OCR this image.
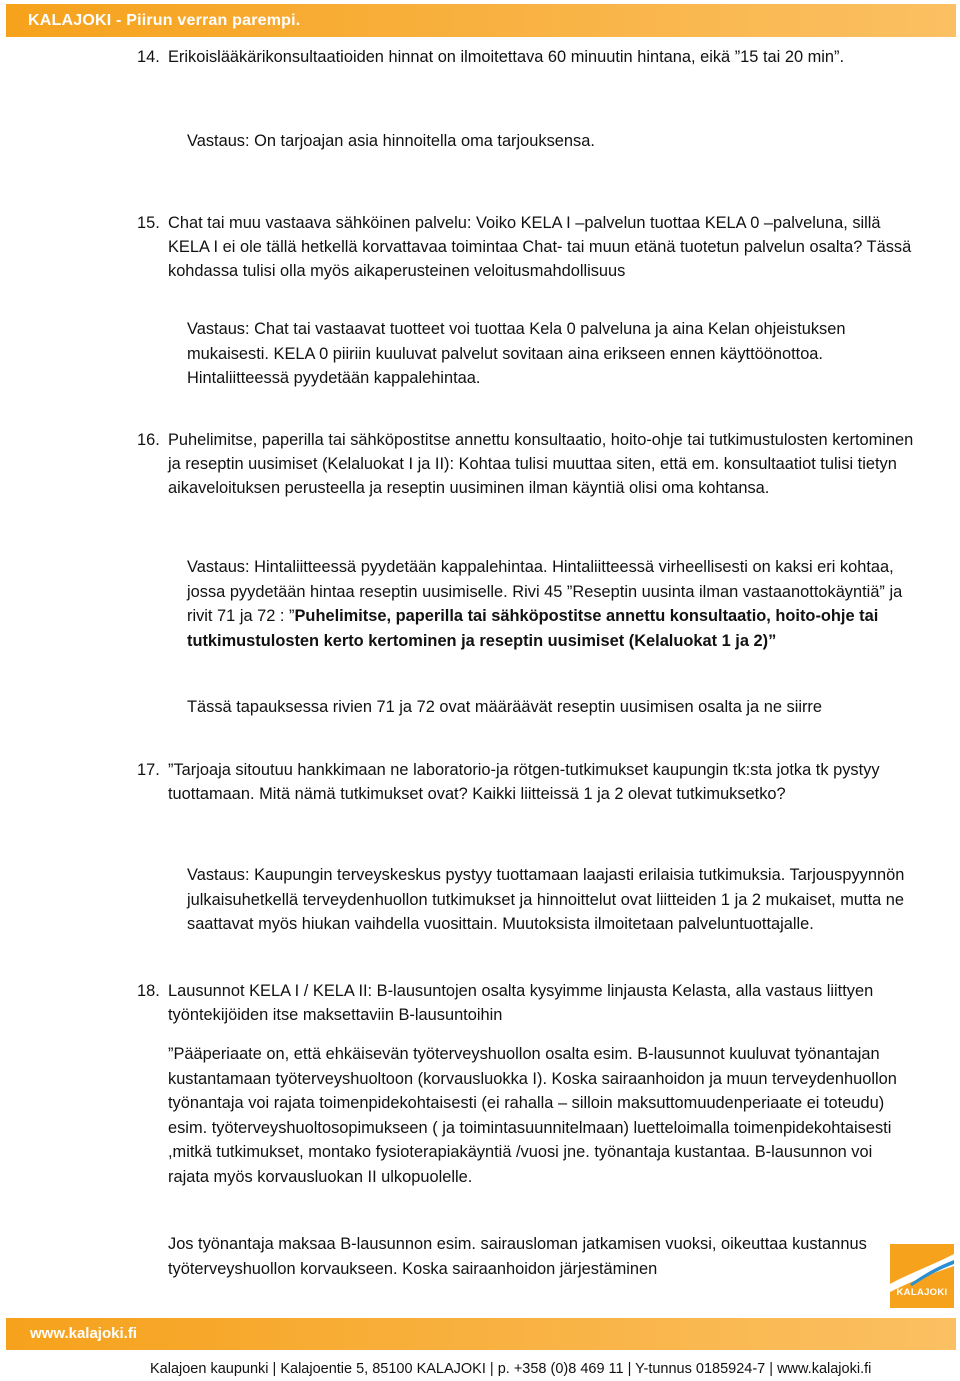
KALAJOKI - Piirun verran parempi.
14. Erikoislääkärikonsultaatioiden hinnat on ilmoitettava 60 minuutin hintana, eikä ”15 tai 20 min”.
Vastaus: On tarjoajan asia hinnoitella oma tarjouksensa.
15. Chat tai muu vastaava sähköinen palvelu: Voiko KELA I –palvelun tuottaa KELA 0 –palveluna, sillä KELA I ei ole tällä hetkellä korvattavaa toimintaa Chat- tai muun etänä tuotetun palvelun osalta? Tässä kohdassa tulisi olla myös aikaperusteinen veloitusmahdollisuus
Vastaus: Chat tai vastaavat tuotteet voi tuottaa Kela 0 palveluna ja aina Kelan ohjeistuksen mukaisesti. KELA 0 piiriin kuuluvat palvelut sovitaan aina erikseen ennen käyttöönottoa. Hintaliitteessä pyydetään kappalehintaa.
16. Puhelimitse, paperilla tai sähköpostitse annettu konsultaatio, hoito-ohje tai tutkimustulosten kertominen ja reseptin uusimiset (Kelaluokat I ja II): Kohtaa tulisi muuttaa siten, että em. konsultaatiot tulisi tietyn aikaveloituksen perusteella ja reseptin uusiminen ilman käyntiä olisi oma kohtansa.
Vastaus: Hintaliitteessä pyydetään kappalehintaa. Hintaliitteessä virheellisesti on kaksi eri kohtaa, jossa pyydetään hintaa reseptin uusimiselle. Rivi 45 ”Reseptin uusinta ilman vastaanottokäyntiä” ja rivit 71 ja 72 : ”Puhelimitse, paperilla tai sähköpostitse annettu konsultaatio, hoito-ohje tai tutkimustulosten kerto kertominen ja reseptin uusimiset (Kelaluokat 1 ja 2)”
Tässä tapauksessa rivien 71 ja 72 ovat määräävät reseptin uusimisen osalta ja ne siirre
17. ”Tarjoaja sitoutuu hankkimaan ne laboratorio-ja rötgen-tutkimukset kaupungin tk:sta jotka tk pystyy tuottamaan. Mitä nämä tutkimukset ovat? Kaikki liitteissä 1 ja 2 olevat tutkimuksetko?
Vastaus: Kaupungin terveyskeskus pystyy tuottamaan laajasti erilaisia tutkimuksia. Tarjouspyynnön julkaisuhetkellä terveydenhuollon tutkimukset ja hinnoittelut ovat liitteiden 1 ja 2 mukaiset, mutta ne saattavat myös hiukan vaihdella vuosittain. Muutoksista ilmoitetaan palveluntuottajalle.
18. Lausunnot KELA I / KELA II: B-lausuntojen osalta kysyimme linjausta Kelasta, alla vastaus liittyen työntekijöiden itse maksettaviin B-lausuntoihin
”Pääperiaate on, että ehkäisevän työterveyshuollon osalta esim. B-lausunnot kuuluvat työnantajan kustantamaan työterveyshuoltoon (korvausluokka I). Koska sairaanhoidon ja muun terveydenhuollon työnantaja voi rajata toimenpidekohtaisesti (ei rahalla – silloin maksuttomuudenperiaate ei toteudu) esim. työterveyshuoltosopimukseen ( ja toimintasuunnitelmaan) luetteloimalla toimenpidekohtaisesti ,mitkä tutkimukset, montako fysioterapiakäyntiä /vuosi jne. työnantaja kustantaa. B-lausunnon voi rajata myös korvausluokan II ulkopuolelle.
Jos työnantaja maksaa B-lausunnon esim. sairausloman jatkamisen vuoksi, oikeuttaa kustannus työterveyshuollon korvaukseen. Koska sairaanhoidon järjestäminen
KALAJOKI
www.kalajoki.fi
Kalajoen kaupunki | Kalajoentie 5, 85100 KALAJOKI | p. +358 (0)8 469 11 | Y-tunnus 0185924-7 | www.kalajoki.fi
